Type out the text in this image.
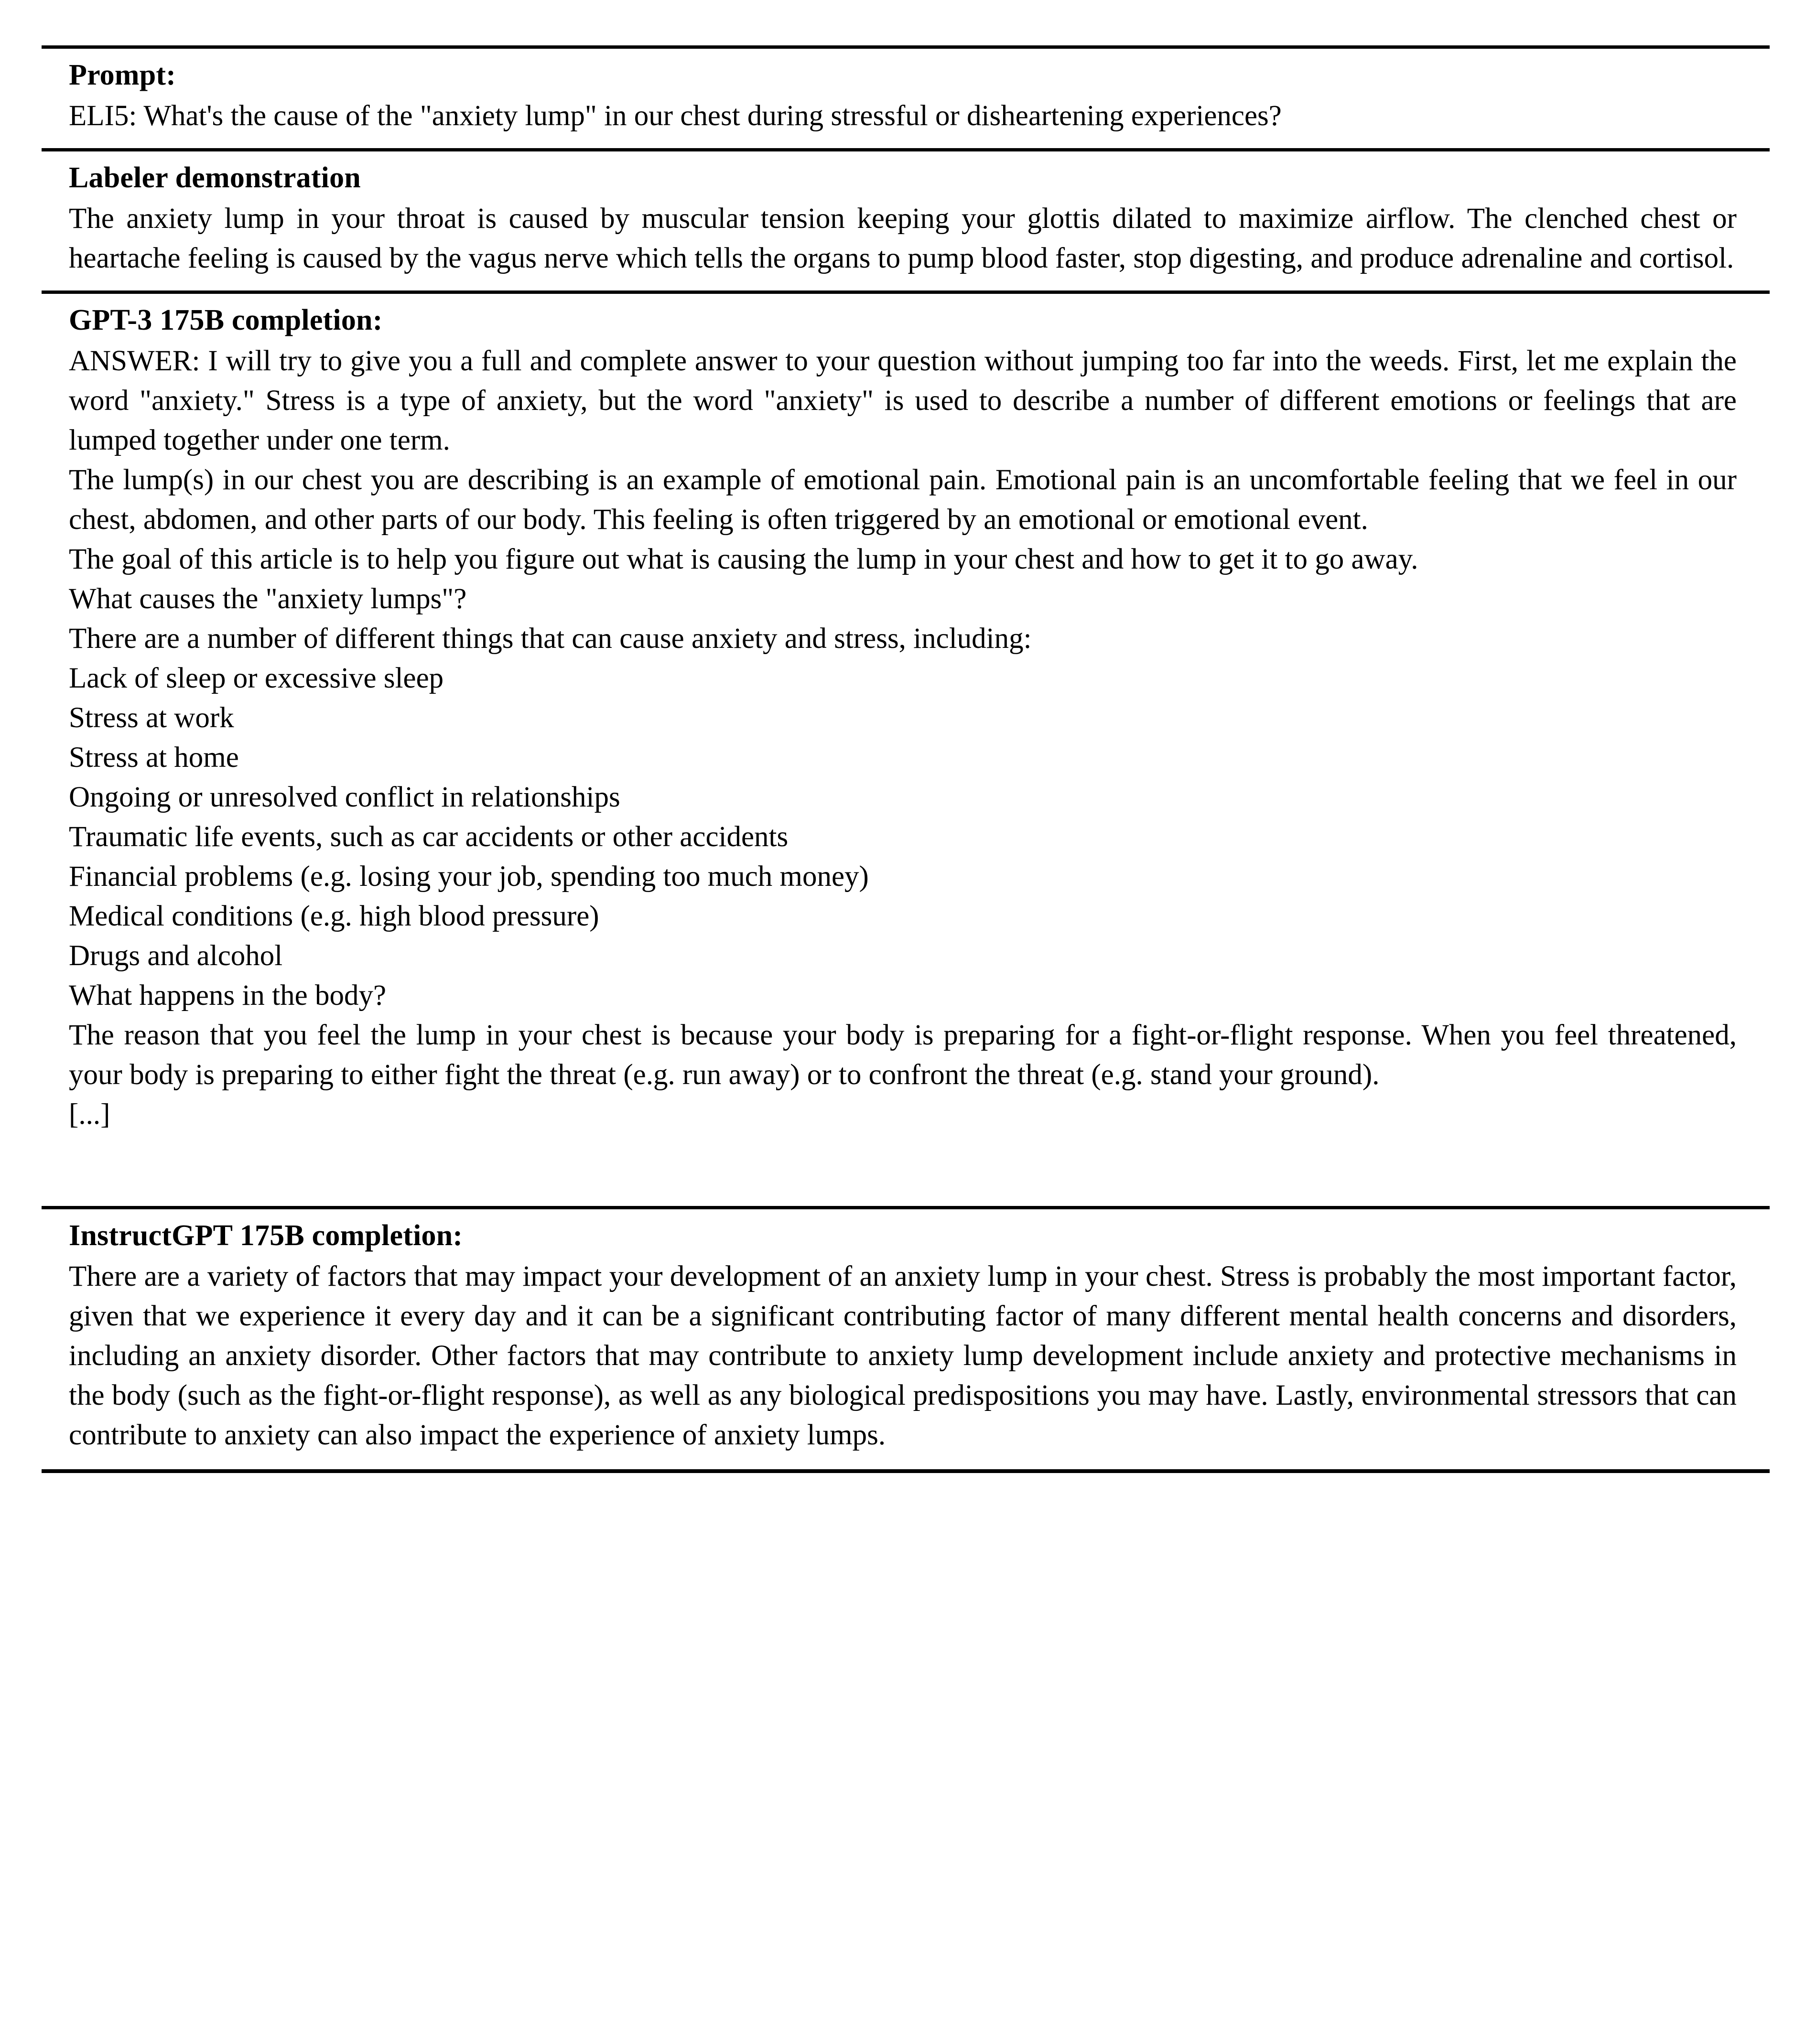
Prompt:

ELI5: What's the cause of the "anxiety lump" in our chest during stressful or disheartening experiences?

Labeler demonstration

The anxiety lump in your throat is caused by muscular tension keeping your glottis dilated to maximize airflow. The clenched chest or heartache feeling is caused by the vagus nerve which tells the organs to pump blood faster, stop digesting, and produce adrenaline and cortisol.

GPT-3 175B completion:

ANSWER: I will try to give you a full and complete answer to your question without jumping too far into the weeds. First, let me explain the word "anxiety." Stress is a type of anxiety, but the word "anxiety" is used to describe a number of different emotions or feelings that are lumped together under one term.

The lump(s) in our chest you are describing is an example of emotional pain. Emotional pain is an uncomfortable feeling that we feel in our chest, abdomen, and other parts of our body. This feeling is often triggered by an emotional or emotional event.

The goal of this article is to help you figure out what is causing the lump in your chest and how to get it to go away.

What causes the "anxiety lumps"?

There are a number of different things that can cause anxiety and stress, including:

Lack of sleep or excessive sleep

Stress at work

Stress at home

Ongoing or unresolved conflict in relationships

Traumatic life events, such as car accidents or other accidents

Financial problems (e.g. losing your job, spending too much money)

Medical conditions (e.g. high blood pressure)

Drugs and alcohol

What happens in the body?

The reason that you feel the lump in your chest is because your body is preparing for a fight-or-flight response. When you feel threatened, your body is preparing to either fight the threat (e.g. run away) or to confront the threat (e.g. stand your ground).

[...]

InstructGPT 175B completion:

There are a variety of factors that may impact your development of an anxiety lump in your chest. Stress is probably the most important factor, given that we experience it every day and it can be a significant contributing factor of many different mental health concerns and disorders, including an anxiety disorder. Other factors that may contribute to anxiety lump development include anxiety and protective mechanisms in the body (such as the fight-or-flight response), as well as any biological predispositions you may have. Lastly, environmental stressors that can contribute to anxiety can also impact the experience of anxiety lumps.
